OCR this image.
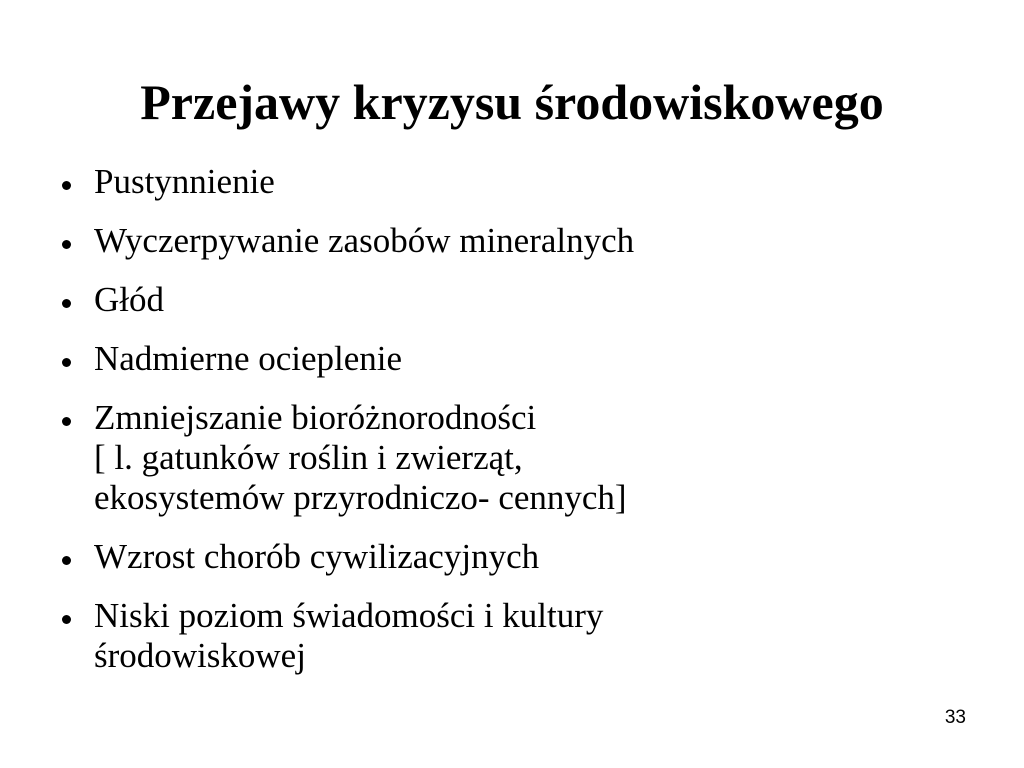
Przejawy kryzysu środowiskowego
Pustynnienie
Wyczerpywanie zasobów mineralnych
Głód
Nadmierne ocieplenie
Zmniejszanie bioróżnorodności
[ l. gatunków roślin i zwierząt,
ekosystemów przyrodniczo- cennych]
Wzrost chorób cywilizacyjnych
Niski poziom świadomości i kultury
środowiskowej
33
